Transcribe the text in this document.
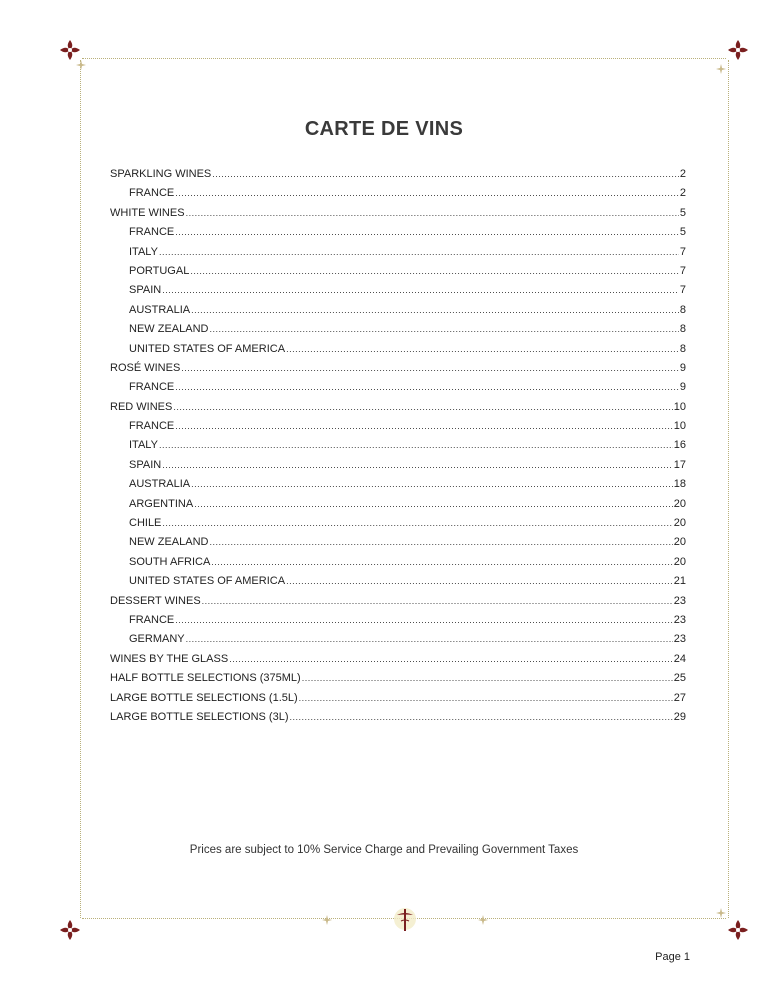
CARTE DE VINS
SPARKLING WINES .....	2
FRANCE .....	2
WHITE WINES .....	5
FRANCE .....	5
ITALY .....	7
PORTUGAL .....	7
SPAIN .....	7
AUSTRALIA .....	8
NEW ZEALAND .....	8
UNITED STATES OF AMERICA .....	8
ROSÉ WINES .....	9
FRANCE .....	9
RED WINES .....	10
FRANCE .....	10
ITALY .....	16
SPAIN .....	17
AUSTRALIA .....	18
ARGENTINA .....	20
CHILE .....	20
NEW ZEALAND .....	20
SOUTH AFRICA .....	20
UNITED STATES OF AMERICA .....	21
DESSERT WINES .....	23
FRANCE .....	23
GERMANY .....	23
WINES BY THE GLASS .....	24
HALF BOTTLE SELECTIONS (375ML) .....	25
LARGE BOTTLE SELECTIONS (1.5L) .....	27
LARGE BOTTLE SELECTIONS (3L) .....	29
Prices are subject to 10% Service Charge and Prevailing Government Taxes
Page 1
